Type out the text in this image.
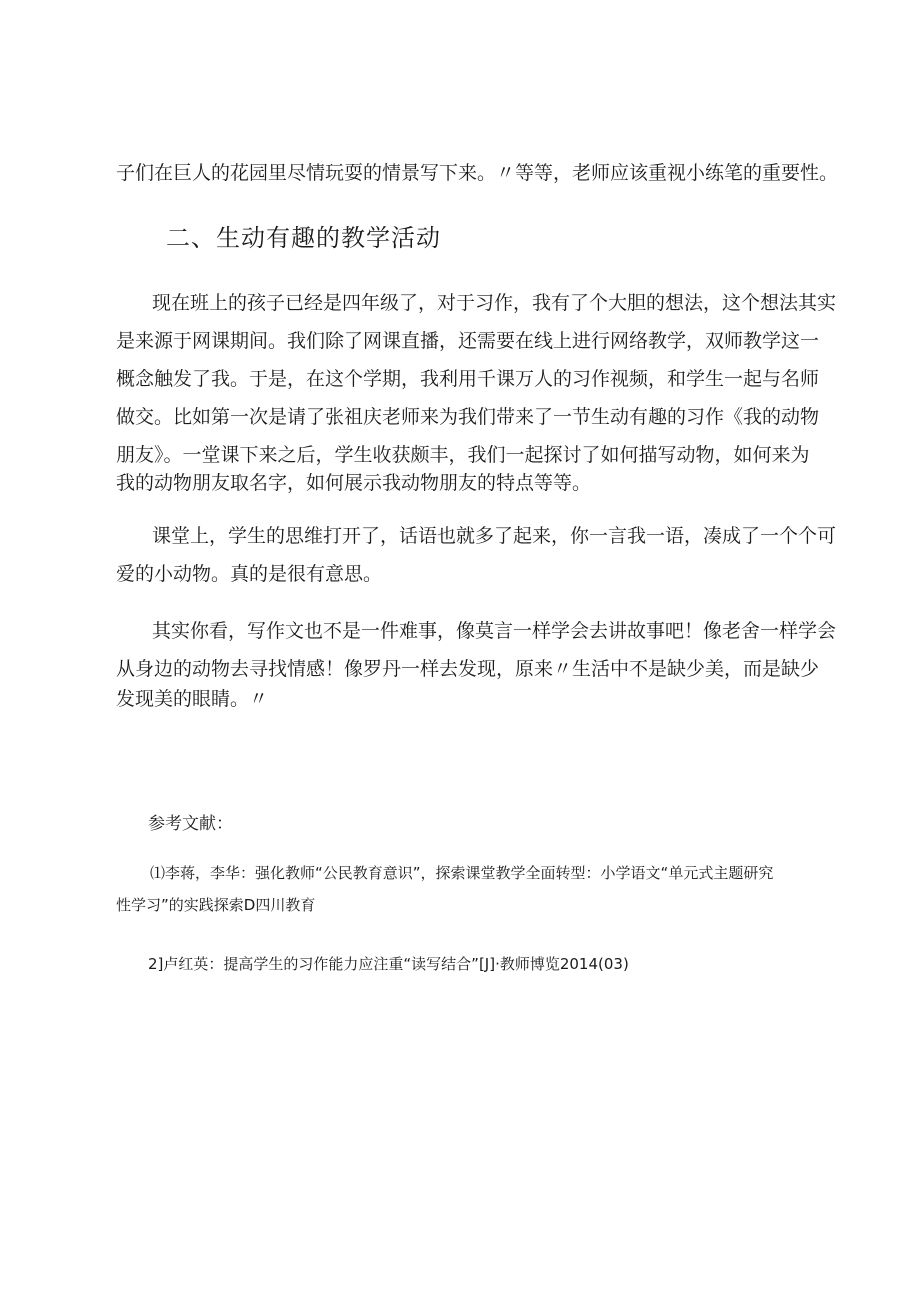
子们在巨人的花园里尽情玩耍的情景写下来。〃等等，老师应该重视小练笔的重要性。
二、生动有趣的教学活动
现在班上的孩子已经是四年级了，对于习作，我有了个大胆的想法，这个想法其实
是来源于网课期间。我们除了网课直播，还需要在线上进行网络教学，双师教学这一
概念触发了我。于是，在这个学期，我利用千课万人的习作视频，和学生一起与名师
做交。比如第一次是请了张祖庆老师来为我们带来了一节生动有趣的习作《我的动物
朋友》。一堂课下来之后，学生收获颇丰，我们一起探讨了如何描写动物，如何来为
我的动物朋友取名字，如何展示我动物朋友的特点等等。
课堂上，学生的思维打开了，话语也就多了起来，你一言我一语，凑成了一个个可
爱的小动物。真的是很有意思。
其实你看，写作文也不是一件难事，像莫言一样学会去讲故事吧！像老舍一样学会
从身边的动物去寻找情感！像罗丹一样去发现，原来〃生活中不是缺少美，而是缺少
发现美的眼睛。〃
参考文献：
⑴李蒋，李华：强化教师“公民教育意识”，探索课堂教学全面转型：小学语文“单元式主题研究
性学习”的实践探索D四川教育
2]卢红英：提高学生的习作能力应注重“读写结合”[J]·教师博览2014(03)
